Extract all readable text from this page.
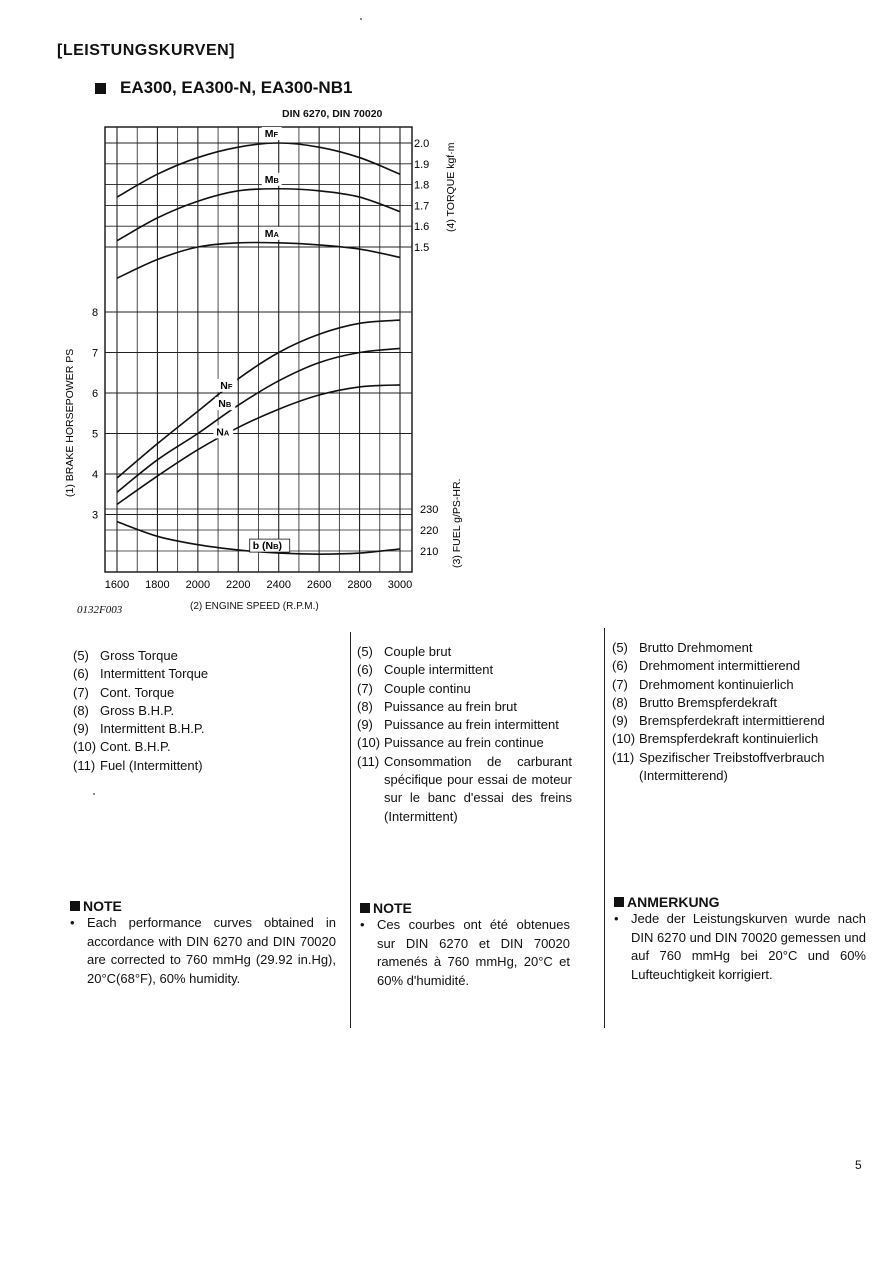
[LEISTUNGSKURVEN]
EA300, EA300-N, EA300-NB1
DIN 6270, DIN 70020
1600 1800 2000 2200 2400 2600 2800 3000
2.0
1.9
1.8
1.7
1.6
1.5
8
7
6
5
4
3	230
220
210
(1) BRAKE HORSEPOWER PS
(4) TORQUE kgf·m
(3) FUEL g/PS-HR.
MF
MB
MA
NF
NB
NA
b (NB)
0132F003	(2) ENGINE SPEED (R.P.M.)
(5) Gross Torque
(6) Intermittent Torque
(7) Cont. Torque
(8) Gross B.H.P.
(9) Intermittent B.H.P.
(10) Cont. B.H.P.
(11) Fuel (Intermittent)
(5) Couple brut
(6) Couple intermittent
(7) Couple continu
(8) Puissance au frein brut
(9) Puissance au frein intermittent
(10) Puissance au frein continue
(11) Consommation de carburant spécifique pour essai de moteur sur le banc d'essai des freins (Intermittent)
(5) Brutto Drehmoment
(6) Drehmoment intermittierend
(7) Drehmoment kontinuierlich
(8) Brutto Bremspferdekraft
(9) Bremspferdekraft intermittierend
(10) Bremspferdekraft kontinuierlich
(11) Spezifischer Treibstoffverbrauch (Intermitterend)
NOTE
• Each performance curves obtained in accordance with DIN 6270 and DIN 70020 are corrected to 760 mmHg (29.92 in.Hg), 20°C(68°F), 60% humidity.
NOTE
• Ces courbes ont été obtenues sur DIN 6270 et DIN 70020 ramenés à 760 mmHg, 20°C et 60% d'humidité.
ANMERKUNG
• Jede der Leistungskurven wurde nach DIN 6270 und DIN 70020 gemessen und auf 760 mmHg bei 20°C und 60% Lufteuchtigkeit korrigiert.
5
